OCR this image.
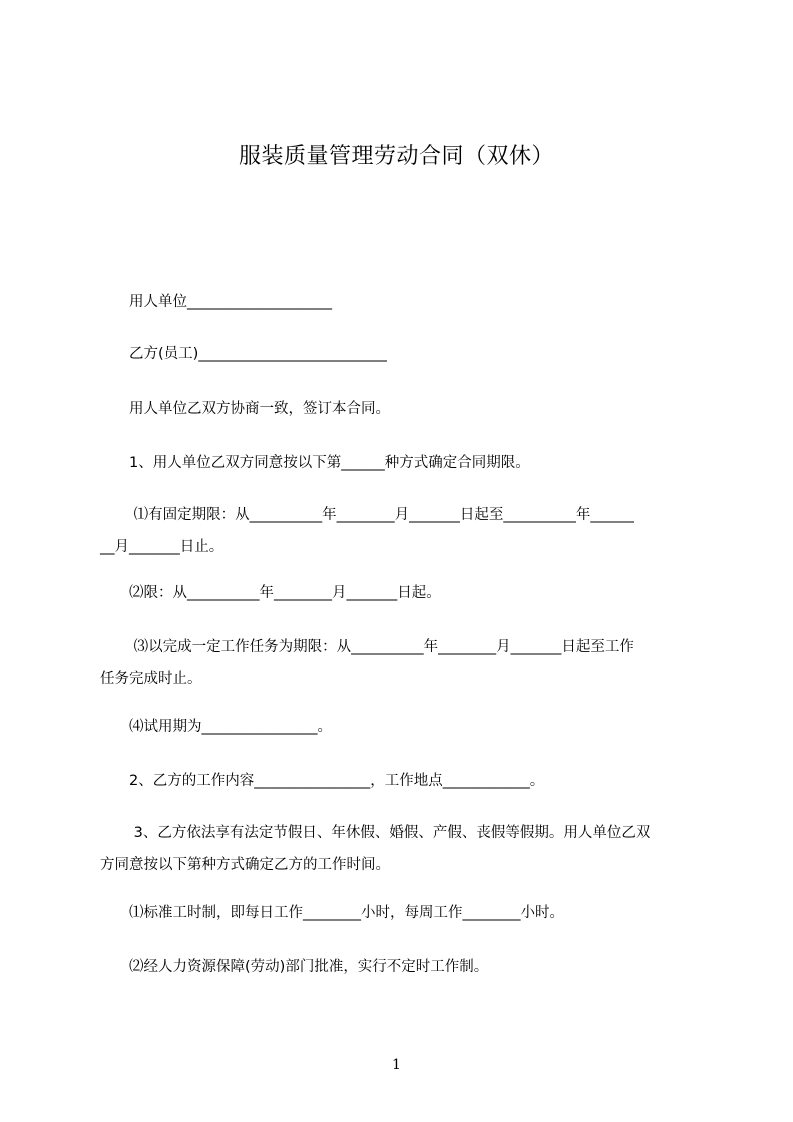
服装质量管理劳动合同（双休）
　　用人单位____________________
　　乙方(员工)__________________________
　　用人单位乙双方协商一致，签订本合同。
　　1、用人单位乙双方同意按以下第______种方式确定合同期限。
　　 ⑴有固定期限：从__________年________月_______日起至__________年______
__月_______日止。
　　⑵限：从__________年________月_______日起。
　　 ⑶以完成一定工作任务为期限：从__________年________月_______日起至工作
任务完成时止。
　　⑷试用期为________________。
　　2、乙方的工作内容________________，工作地点____________。
　　 3、乙方依法享有法定节假日、年休假、婚假、产假、丧假等假期。用人单位乙双
方同意按以下第种方式确定乙方的工作时间。
　　⑴标准工时制，即每日工作________小时，每周工作________小时。
　　⑵经人力资源保障(劳动)部门批准，实行不定时工作制。
1
